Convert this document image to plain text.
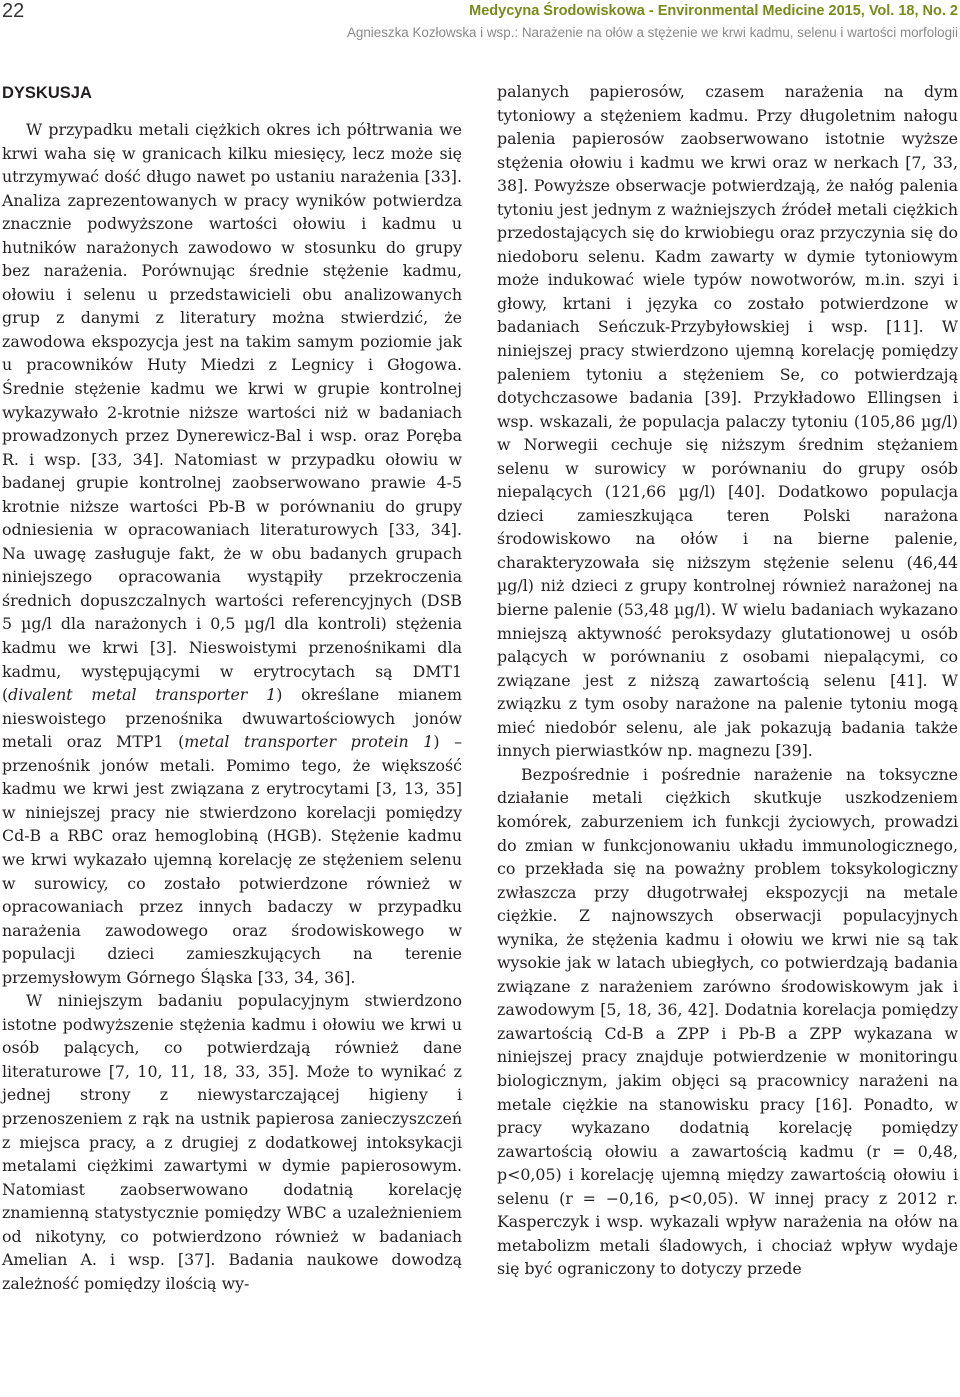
22	Medycyna Środowiskowa - Environmental Medicine 2015, Vol. 18, No. 2
Agnieszka Kozłowska i wsp.: Narażenie na ołów a stężenie we krwi kadmu, selenu i wartości morfologii
DYSKUSJA

W przypadku metali ciężkich okres ich półtrwania we krwi waha się w granicach kilku miesięcy, lecz może się utrzymywać dość długo nawet po ustaniu narażenia [33]. Analiza zaprezentowanych w pracy wyników potwierdza znacznie podwyższone wartości ołowiu i kadmu u hutników narażonych zawodowo w stosunku do grupy bez narażenia. Porównując średnie stężenie kadmu, ołowiu i selenu u przedstawicieli obu analizowanych grup z danymi z literatury można stwierdzić, że zawodowa ekspozycja jest na takim samym poziomie jak u pracowników Huty Miedzi z Legnicy i Głogowa. Średnie stężenie kadmu we krwi w grupie kontrolnej wykazywało 2-krotnie niższe wartości niż w badaniach prowadzonych przez Dynerewicz-Bal i wsp. oraz Poręba R. i wsp. [33, 34]. Natomiast w przypadku ołowiu w badanej grupie kontrolnej zaobserwowano prawie 4-5 krotnie niższe wartości Pb-B w porównaniu do grupy odniesienia w opracowaniach literaturowych [33, 34]. Na uwagę zasługuje fakt, że w obu badanych grupach niniejszego opracowania wystąpiły przekroczenia średnich dopuszczalnych wartości referencyjnych (DSB 5 µg/l dla narażonych i 0,5 µg/l dla kontroli) stężenia kadmu we krwi [3]. Nieswoistymi przenośnikami dla kadmu, występującymi w erytrocytach są DMT1 (divalent metal transporter 1) określane mianem nieswoistego przenośnika dwuwartościowych jonów metali oraz MTP1 (metal transporter protein 1) – przenośnik jonów metali. Pomimo tego, że większość kadmu we krwi jest związana z erytrocytami [3, 13, 35] w niniejszej pracy nie stwierdzono korelacji pomiędzy Cd-B a RBC oraz hemoglobiną (HGB). Stężenie kadmu we krwi wykazało ujemną korelację ze stężeniem selenu w surowicy, co zostało potwierdzone również w opracowaniach przez innych badaczy w przypadku narażenia zawodowego oraz środowiskowego w populacji dzieci zamieszkujących na terenie przemysłowym Górnego Śląska [33, 34, 36].

W niniejszym badaniu populacyjnym stwierdzono istotne podwyższenie stężenia kadmu i ołowiu we krwi u osób palących, co potwierdzają również dane literaturowe [7, 10, 11, 18, 33, 35]. Może to wynikać z jednej strony z niewystarczającej higieny i przenoszeniem z rąk na ustnik papierosa zanieczyszczeń z miejsca pracy, a z drugiej z dodatkowej intoksykacji metalami ciężkimi zawartymi w dymie papierosowym. Natomiast zaobserwowano dodatnią korelację znamienną statystycznie pomiędzy WBC a uzależnieniem od nikotyny, co potwierdzono również w badaniach Amelian A. i wsp. [37]. Badania naukowe dowodzą zależność pomiędzy ilością wy-

palanych papierosów, czasem narażenia na dym tytoniowy a stężeniem kadmu. Przy długoletnim nałogu palenia papierosów zaobserwowano istotnie wyższe stężenia ołowiu i kadmu we krwi oraz w nerkach [7, 33, 38]. Powyższe obserwacje potwierdzają, że nałóg palenia tytoniu jest jednym z ważniejszych źródeł metali ciężkich przedostających się do krwiobiegu oraz przyczynia się do niedoboru selenu. Kadm zawarty w dymie tytoniowym może indukować wiele typów nowotworów, m.in. szyi i głowy, krtani i języka co zostało potwierdzone w badaniach Seńczuk-Przybyłowskiej i wsp. [11]. W niniejszej pracy stwierdzono ujemną korelację pomiędzy paleniem tytoniu a stężeniem Se, co potwierdzają dotychczasowe badania [39]. Przykładowo Ellingsen i wsp. wskazali, że populacja palaczy tytoniu (105,86 µg/l) w Norwegii cechuje się niższym średnim stężaniem selenu w surowicy w porównaniu do grupy osób niepalących (121,66 µg/l) [40]. Dodatkowo populacja dzieci zamieszkująca teren Polski narażona środowiskowo na ołów i na bierne palenie, charakteryzowała się niższym stężenie selenu (46,44 µg/l) niż dzieci z grupy kontrolnej również narażonej na bierne palenie (53,48 µg/l). W wielu badaniach wykazano mniejszą aktywność peroksydazy glutationowej u osób palących w porównaniu z osobami niepalącymi, co związane jest z niższą zawartością selenu [41]. W związku z tym osoby narażone na palenie tytoniu mogą mieć niedobór selenu, ale jak pokazują badania także innych pierwiastków np. magnezu [39].

Bezpośrednie i pośrednie narażenie na toksyczne działanie metali ciężkich skutkuje uszkodzeniem komórek, zaburzeniem ich funkcji życiowych, prowadzi do zmian w funkcjonowaniu układu immunologicznego, co przekłada się na poważny problem toksykologiczny zwłaszcza przy długotrwałej ekspozycji na metale ciężkie. Z najnowszych obserwacji populacyjnych wynika, że stężenia kadmu i ołowiu we krwi nie są tak wysokie jak w latach ubiegłych, co potwierdzają badania związane z narażeniem zarówno środowiskowym jak i zawodowym [5, 18, 36, 42]. Dodatnia korelacja pomiędzy zawartością Cd-B a ZPP i Pb-B a ZPP wykazana w niniejszej pracy znajduje potwierdzenie w monitoringu biologicznym, jakim objęci są pracownicy narażeni na metale ciężkie na stanowisku pracy [16]. Ponadto, w pracy wykazano dodatnią korelację pomiędzy zawartością ołowiu a zawartością kadmu (r = 0,48, p<0,05) i korelację ujemną między zawartością ołowiu i selenu (r = −0,16, p<0,05). W innej pracy z 2012 r. Kasperczyk i wsp. wykazali wpływ narażenia na ołów na metabolizm metali śladowych, i chociaż wpływ wydaje się być ograniczony to dotyczy przede
